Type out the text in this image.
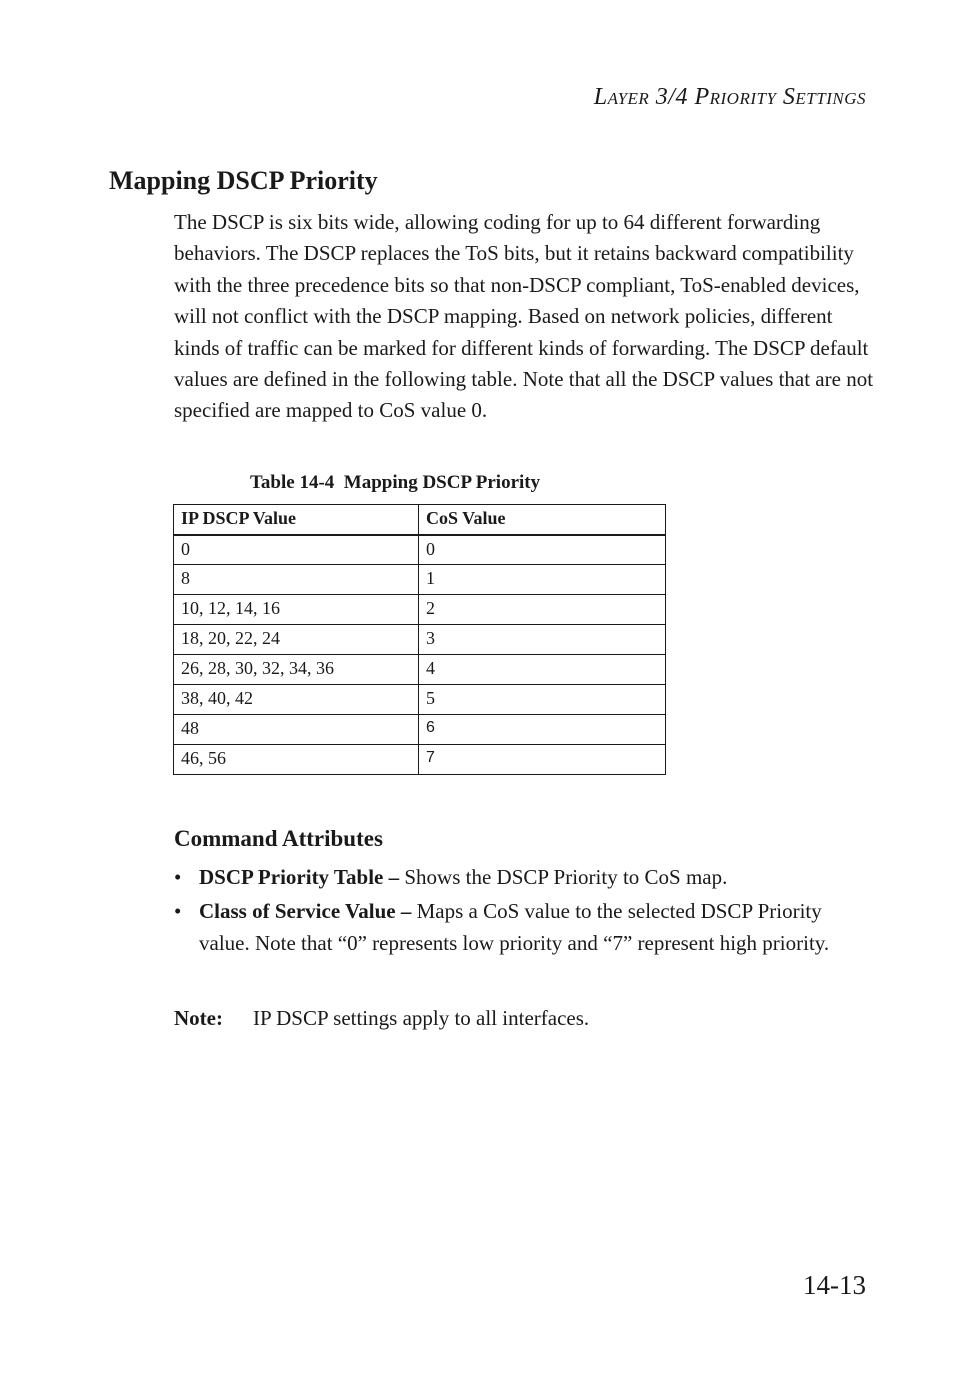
LAYER 3/4 PRIORITY SETTINGS
Mapping DSCP Priority

The DSCP is six bits wide, allowing coding for up to 64 different forwarding behaviors. The DSCP replaces the ToS bits, but it retains backward compatibility with the three precedence bits so that non-DSCP compliant, ToS-enabled devices, will not conflict with the DSCP mapping. Based on network policies, different kinds of traffic can be marked for different kinds of forwarding. The DSCP default values are defined in the following table. Note that all the DSCP values that are not specified are mapped to CoS value 0.

Table 14-4  Mapping DSCP Priority
IP DSCP Value	CoS Value
0	0
8	1
10, 12, 14, 16	2
18, 20, 22, 24	3
26, 28, 30, 32, 34, 36	4
38, 40, 42	5
48	6
46, 56	7
Command Attributes
• DSCP Priority Table – Shows the DSCP Priority to CoS map.
• Class of Service Value – Maps a CoS value to the selected DSCP Priority value. Note that “0” represents low priority and “7” represent high priority.
Note: IP DSCP settings apply to all interfaces.
14-13
